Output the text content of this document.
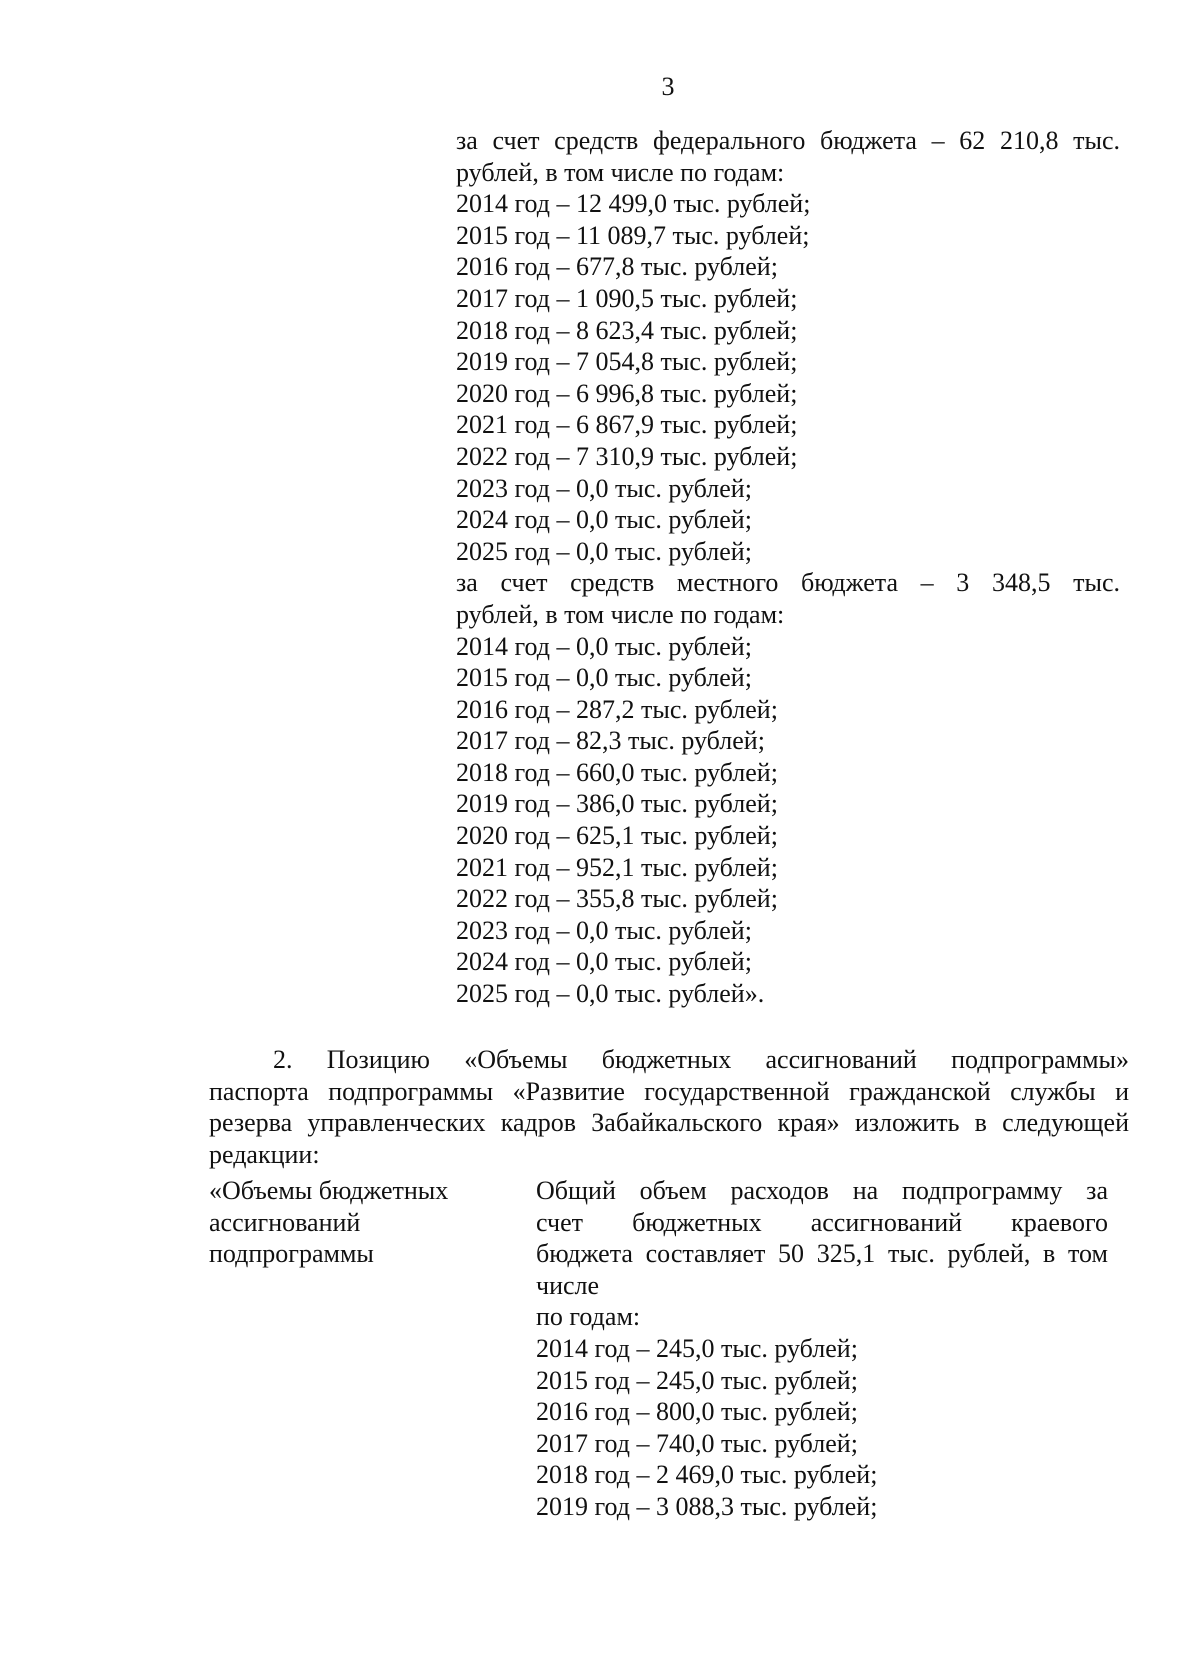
3
за счет средств федерального бюджета – 62 210,8 тыс.
рублей, в том числе по годам:
2014 год – 12 499,0 тыс. рублей;
2015 год – 11 089,7 тыс. рублей;
2016 год – 677,8 тыс. рублей;
2017 год – 1 090,5 тыс. рублей;
2018 год – 8 623,4 тыс. рублей;
2019 год – 7 054,8 тыс. рублей;
2020 год – 6 996,8 тыс. рублей;
2021 год – 6 867,9 тыс. рублей;
2022 год – 7 310,9 тыс. рублей;
2023 год – 0,0 тыс. рублей;
2024 год – 0,0 тыс. рублей;
2025 год – 0,0 тыс. рублей;
за счет средств местного бюджета – 3 348,5 тыс.
рублей, в том числе по годам:
2014 год – 0,0 тыс. рублей;
2015 год – 0,0 тыс. рублей;
2016 год – 287,2 тыс. рублей;
2017 год – 82,3 тыс. рублей;
2018 год – 660,0 тыс. рублей;
2019 год – 386,0 тыс. рублей;
2020 год – 625,1 тыс. рублей;
2021 год – 952,1 тыс. рублей;
2022 год – 355,8 тыс. рублей;
2023 год – 0,0 тыс. рублей;
2024 год – 0,0 тыс. рублей;
2025 год – 0,0 тыс. рублей».
2. Позицию «Объемы бюджетных ассигнований подпрограммы»
паспорта подпрограммы «Развитие государственной гражданской службы и
резерва управленческих кадров Забайкальского края» изложить в следующей
редакции:
«Объемы бюджетных
ассигнований
подпрограммы
Общий объем расходов на подпрограмму за
счет бюджетных ассигнований краевого
бюджета составляет 50 325,1 тыс. рублей, в том
числе
по годам:
2014 год – 245,0 тыс. рублей;
2015 год – 245,0 тыс. рублей;
2016 год – 800,0 тыс. рублей;
2017 год – 740,0 тыс. рублей;
2018 год – 2 469,0 тыс. рублей;
2019 год – 3 088,3 тыс. рублей;
